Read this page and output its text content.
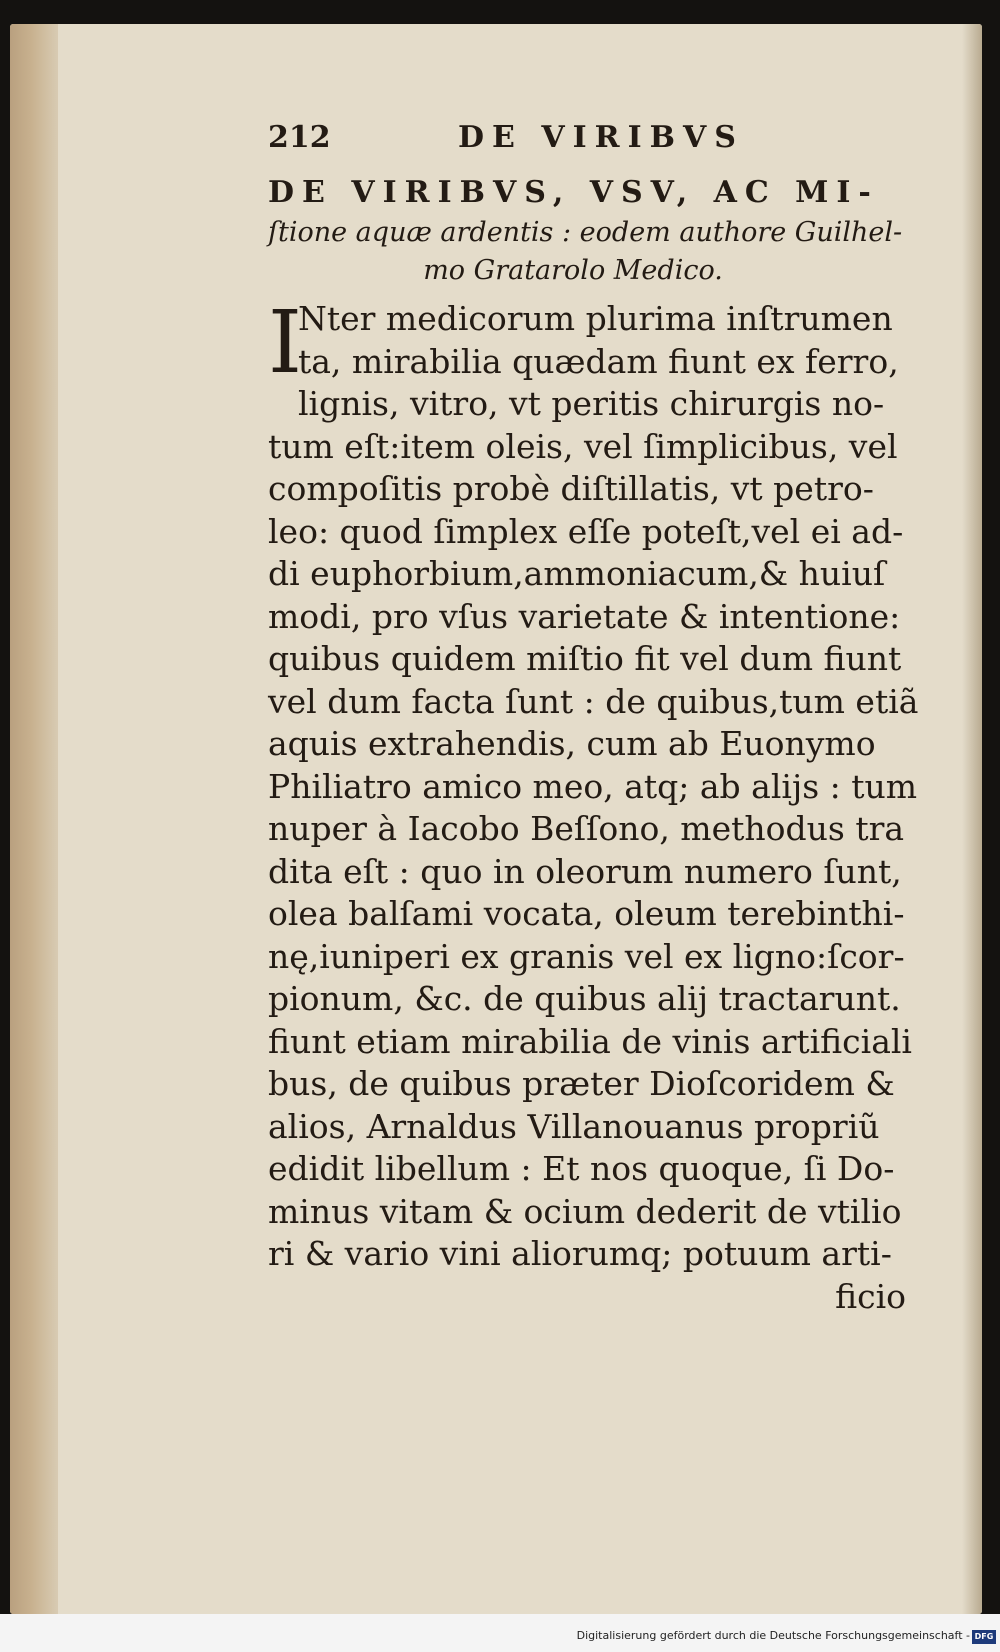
212	DE VIRIBVS
DE VIRIBVS, VSV, AC MI-
ſtione aquæ ardentis : eodem authore Guilhel-
mo Gratarolo Medico.
I
Nter medicorum plurima inſtrumen
ta, mirabilia quædam fiunt ex ferro,
lignis, vitro, vt peritis chirurgis no-
tum eſt:item oleis, vel ſimplicibus, vel
compoſitis probè diſtillatis, vt petro-
leo: quod ſimplex eſſe poteſt,vel ei ad-
di euphorbium,ammoniacum,& huiuſ
modi, pro vſus varietate & intentione:
quibus quidem miſtio fit vel dum fiunt
vel dum facta ſunt : de quibus,tum etiã
aquis extrahendis, cum ab Euonymo
Philiatro amico meo, atq; ab alijs : tum
nuper à Iacobo Beſſono, methodus tra
dita eſt : quo in oleorum numero ſunt,
olea balſami vocata, oleum terebinthi-
nę,iuniperi ex granis vel ex ligno:ſcor-
pionum, &c. de quibus alij tractarunt.
fiunt etiam mirabilia de vinis artificiali
bus, de quibus præter Dioſcoridem &
alios, Arnaldus Villanouanus propriũ
edidit libellum : Et nos quoque, ſi Do-
minus vitam & ocium dederit de vtilio
ri & vario vini aliorumq; potuum arti-
ficio
Digitalisierung gefördert durch die Deutsche Forschungsgemeinschaft - DFG
